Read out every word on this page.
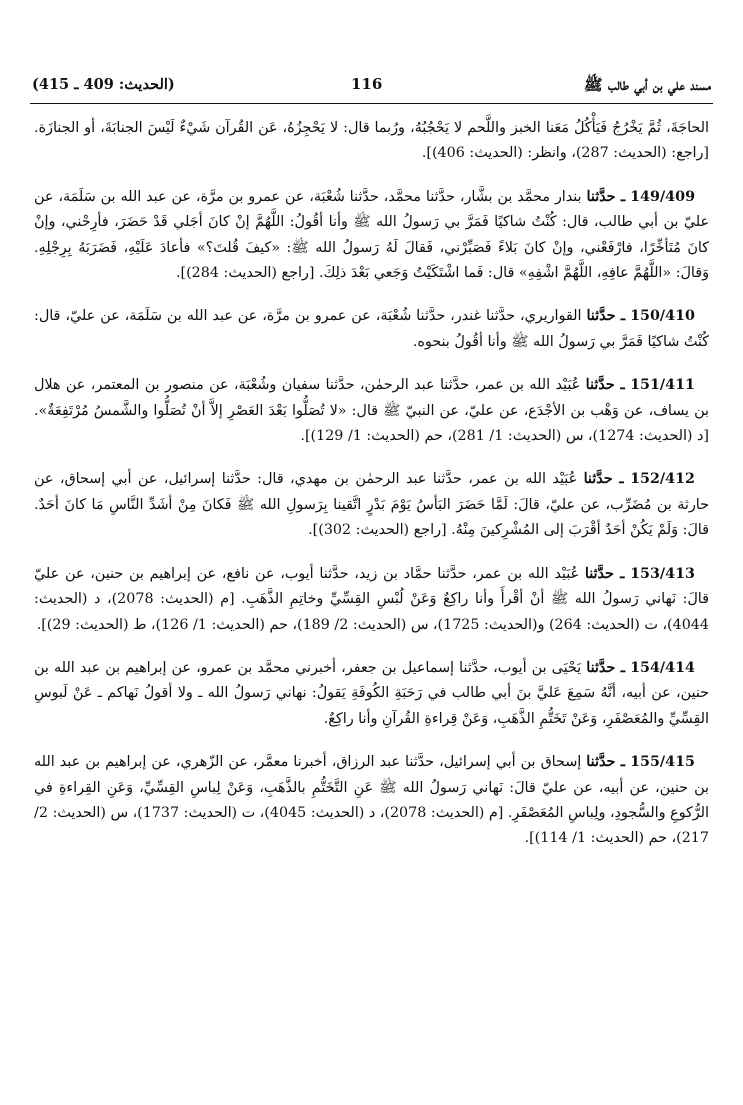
(الحديث: 409 ـ 415)	116	مسند علي بن أبي طالب ﷺ

الحاجَةَ، ثُمَّ يَخْرُجُ فَيَأْكُلُ مَعَنا الخبز واللَّحم لا يَحْجُبُهُ، ورُبما قال: لا يَحْجِزُهُ، عَن القُرآن شَيْءٌ لَيْسَ الجنابَةَ، أو الجنازَة. [راجع: (الحديث: 287)، وانظر: (الحديث: 406)].

149/409 ـ حدَّثنا بندار محمَّد بن بشَّار، حدَّثنا محمَّد، حدَّثنا شُعْبَة، عن عمرو بن مرَّة، عن عبد الله بن سَلَمَة، عن عليّ بن أبي طالب، قال: كُنْتُ شاكيًا فَمَرَّ بي رَسولُ الله ﷺ وأنا أقُولُ: اللَّهُمَّ إنْ كانَ أجَلي قَدْ حَضَرَ، فأرِحْني، وإنْ كانَ مُتَأخِّرًا، فارْفَعْني، وإنْ كانَ بَلاءً فَصَبِّرْني، فَقالَ لَهُ رَسولُ الله ﷺ: «كيفَ قُلتَ؟» فأعادَ عَلَيْهِ، فَضَرَبَهُ بِرِجْلِهِ. وَقالَ: «اللَّهُمَّ عافِهِ، اللَّهُمَّ اشْفِهِ» قال: فَما اشْتَكَيْتُ وَجَعي بَعْدَ ذلِكَ. [راجع (الحديث: 284)].

150/410 ـ حدَّثنا القواريري، حدَّثنا غندر، حدَّثنا شُعْبَة، عن عمرو بن مرَّة، عن عبد الله بن سَلَمَة، عن عليّ، قال: كُنْتُ شاكيًا فَمَرَّ بي رَسولُ الله ﷺ وأنا أقُولُ بنحوه.

151/411 ـ حدَّثنا عُبَيْد الله بن عمر، حدَّثنا عبد الرحمٰن، حدَّثنا سفيان وشُعْبَة، عن منصور بن المعتمر، عن هلال بن يساف، عن وَهْب بن الأجْدَع، عن عليّ، عن النبيّ ﷺ قال: «لا تُصَلُّوا بَعْدَ العَصْرِ إلاَّ أنْ تُصَلُّوا والشَّمسُ مُرْتَفِعَةٌ». [د (الحديث: 1274)، س (الحديث: 1/ 281)، حم (الحديث: 1/ 129)].

152/412 ـ حدَّثنا عُبَيْد الله بن عمر، حدَّثنا عبد الرحمٰن بن مهدي، قال: حدَّثنا إسرائيل، عن أبي إسحاق، عن حارثة بن مُضَرِّب، عن عليّ، قالَ: لَمَّا حَضَرَ البَأسُ يَوْمَ بَدْرٍ اتَّقينا بِرَسولِ الله ﷺ فَكانَ مِنْ أشَدِّ النَّاسِ مَا كانَ أحَدٌ. قالَ: وَلَمْ يَكُنْ أحَدٌ أقْرَبَ إلى المُشْرِكينَ مِنْهُ. [راجع (الحديث: 302)].

153/413 ـ حدَّثنا عُبَيْد الله بن عمر، حدَّثنا حمَّاد بن زيد، حدَّثنا أيوب، عن نافع، عن إبراهيم بن حنين، عن عليّ قالَ: نَهاني رَسولُ الله ﷺ أنْ أقْرأَ وأنا راكِعٌ وَعَنْ لُبْسِ القِسِّيِّ وخاتِمِ الذَّهَبِ. [م (الحديث: 2078)، د (الحديث: 4044)، ت (الحديث: 264) و(الحديث: 1725)، س (الحديث: 2/ 189)، حم (الحديث: 1/ 126)، ط (الحديث: 29)].

154/414 ـ حدَّثنا يَحْيَى بن أيوب، حدَّثنا إسماعيل بن جعفر، أخبرني محمَّد بن عمرو، عن إبراهيم بن عبد الله بن حنين، عن أبيه، أنَّهُ سَمِعَ عَليَّ بنَ أبي طالب في رَحَبَةِ الكُوفَةِ يَقولُ: نهاني رَسولُ الله ـ ولا أقولُ نَهاكم ـ عَنْ لَبوسِ القِسِّيِّ والمُعَصْفَرِ، وَعَنْ تَخَتُّمِ الذَّهَبِ، وَعَنْ قِراءةِ القُرآنِ وأنا راكِعٌ.

155/415 ـ حدَّثنا إسحاق بن أبي إسرائيل، حدَّثنا عبد الرزاق، أخبرنا معمَّر، عن الزّهري، عن إبراهيم بن عبد الله بن حنين، عن أبيه، عن عليّ قالَ: نَهاني رَسولُ الله ﷺ عَنِ التَّخَتُّمِ بالذَّهَبِ، وَعَنْ لِباسِ القِسِّيِّ، وَعَنِ القِراءةِ في الرُّكوعِ والسُّجودِ، ولِباسِ المُعَصْفَرِ. [م (الحديث: 2078)، د (الحديث: 4045)، ت (الحديث: 1737)، س (الحديث: 2/ 217)، حم (الحديث: 1/ 114)].
